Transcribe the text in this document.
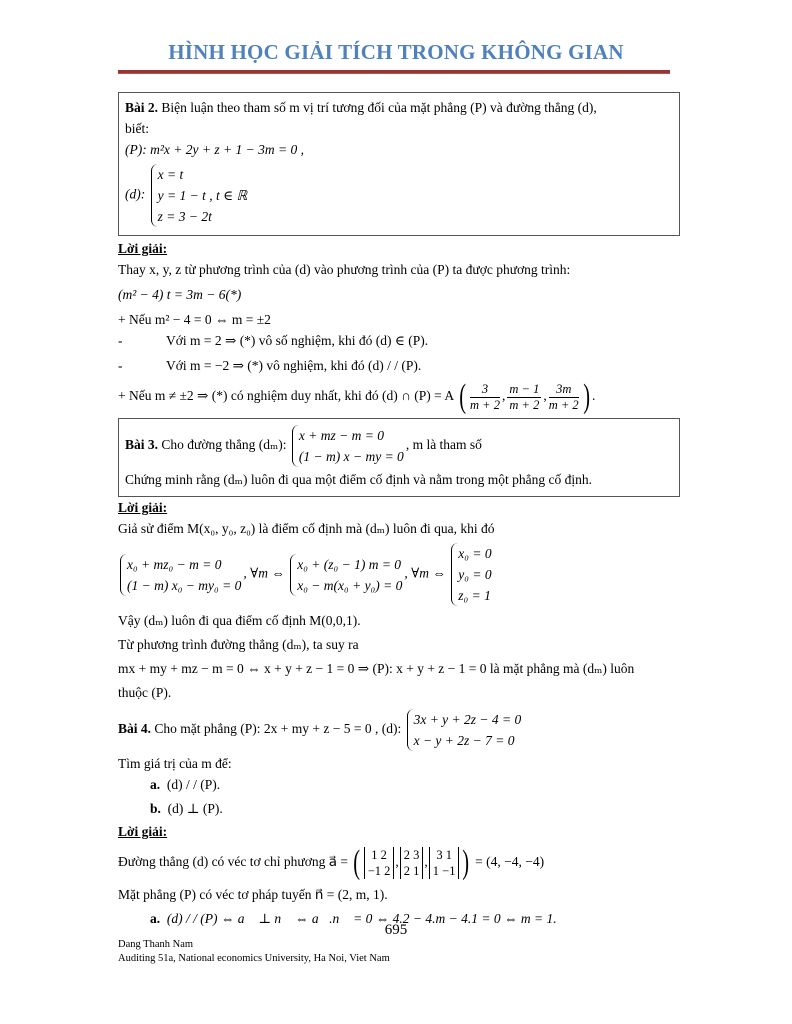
HÌNH HỌC GIẢI TÍCH TRONG KHÔNG GIAN
Bài 2. Biện luận theo tham số m vị trí tương đối của mặt phẳng (P) và đường thẳng (d),
biết:
(P): m²x + 2y + z + 1 − 3m = 0 ,
(d):
x = t
y = 1 − t , t ∈ ℝ
z = 3 − 2t
Lời giải:
Thay x, y, z từ phương trình của (d) vào phương trình của (P) ta được phương trình:
(m² − 4) t = 3m − 6(*)
+ Nếu m² − 4 = 0 ⇔ m = ±2
-	Với m = 2 ⇒ (*) vô số nghiệm, khi đó (d) ∈ (P).
-	Với m = −2 ⇒ (*) vô nghiệm, khi đó (d) / / (P).
+ Nếu m ≠ ±2 ⇒ (*) có nghiệm duy nhất, khi đó (d) ∩ (P) = A ( $\frac{3}{m + 2}$ , $\frac{m - 1}{m + 2}$ , $\frac{3m}{m + 2}$ ) .
Bài 3. Cho đường thẳng (dₘ):
x + mz − m = 0
(1 − m) x − my = 0
, m là tham số
Chứng minh rằng (dₘ) luôn đi qua một điểm cố định và nằm trong một phẳng cố định.
Lời giải:
Giả sử điểm M(x₀, y₀, z₀) là điểm cố định mà (dₘ) luôn đi qua, khi đó
x₀ + mz₀ − m = 0
(1 − m) x₀ − my₀ = 0
, ∀m ⇔
x₀ + (z₀ − 1) m = 0
x₀ − m(x₀ + y₀) = 0
, ∀m ⇔
x₀ = 0
y₀ = 0
z₀ = 1
Vậy (dₘ) luôn đi qua điểm cố định M(0,0,1).
Từ phương trình đường thẳng (dₘ), ta suy ra
mx + my + mz − m = 0 ⇔ x + y + z − 1 = 0 ⇒ (P): x + y + z − 1 = 0 là mặt phẳng mà (dₘ) luôn
thuộc (P).
Bài 4. Cho mặt phẳng (P): 2x + my + z − 5 = 0 , (d):
3x + y + 2z − 4 = 0
x − y + 2z − 7 = 0
Tìm giá trị của m để:
a. (d) / / (P).
b. (d) ⊥ (P).
Lời giải:
Đường thẳng (d) có véc tơ chỉ phương a⃗ = ( 1 2
−1 2
, 2 3
2 1
, 3 1
1 −1 ) = (4, −4, −4)
Mặt phẳng (P) có véc tơ pháp tuyến n⃗ = (2, m, 1).
a. (d) / / (P) ⇔ a⃗ ⊥ n⃗ ⇔ a⃗.n⃗ = 0 ⇔ 4.2 − 4.m − 4.1 = 0 ⇔ m = 1.
695
Dang Thanh Nam
Auditing 51a, National economics University, Ha Noi, Viet Nam
